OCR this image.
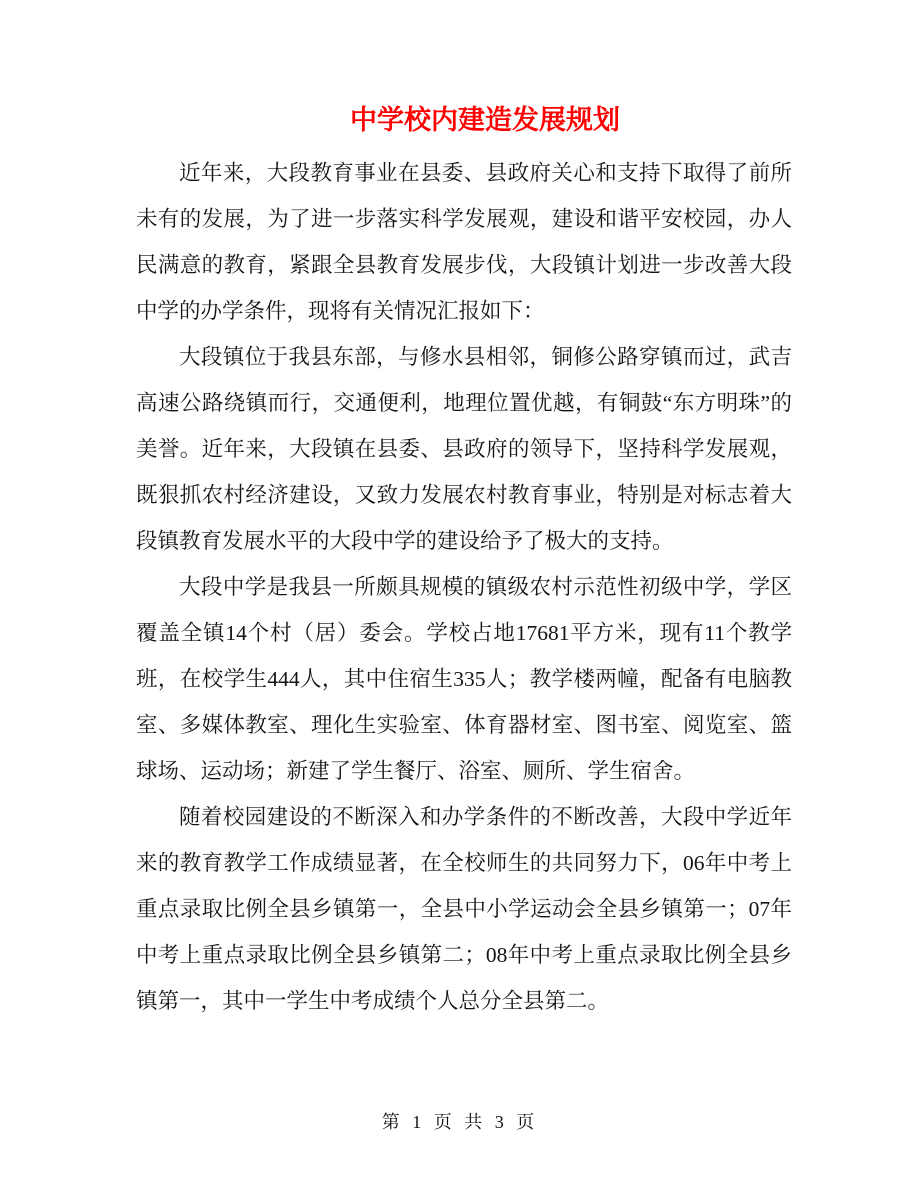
中学校内建造发展规划

近年来，大段教育事业在县委、县政府关心和支持下取得了前所未有的发展，为了进一步落实科学发展观，建设和谐平安校园，办人民满意的教育，紧跟全县教育发展步伐，大段镇计划进一步改善大段中学的办学条件，现将有关情况汇报如下：

大段镇位于我县东部，与修水县相邻，铜修公路穿镇而过，武吉高速公路绕镇而行，交通便利，地理位置优越，有铜鼓“东方明珠”的美誉。近年来，大段镇在县委、县政府的领导下，坚持科学发展观，既狠抓农村经济建设，又致力发展农村教育事业，特别是对标志着大段镇教育发展水平的大段中学的建设给予了极大的支持。

大段中学是我县一所颇具规模的镇级农村示范性初级中学，学区覆盖全镇14个村（居）委会。学校占地17681平方米，现有11个教学班，在校学生444人，其中住宿生335人；教学楼两幢，配备有电脑教室、多媒体教室、理化生实验室、体育器材室、图书室、阅览室、篮球场、运动场；新建了学生餐厅、浴室、厕所、学生宿舍。

随着校园建设的不断深入和办学条件的不断改善，大段中学近年来的教育教学工作成绩显著，在全校师生的共同努力下，06年中考上重点录取比例全县乡镇第一，全县中小学运动会全县乡镇第一；07年中考上重点录取比例全县乡镇第二；08年中考上重点录取比例全县乡镇第一，其中一学生中考成绩个人总分全县第二。

第 1 页 共 3 页
